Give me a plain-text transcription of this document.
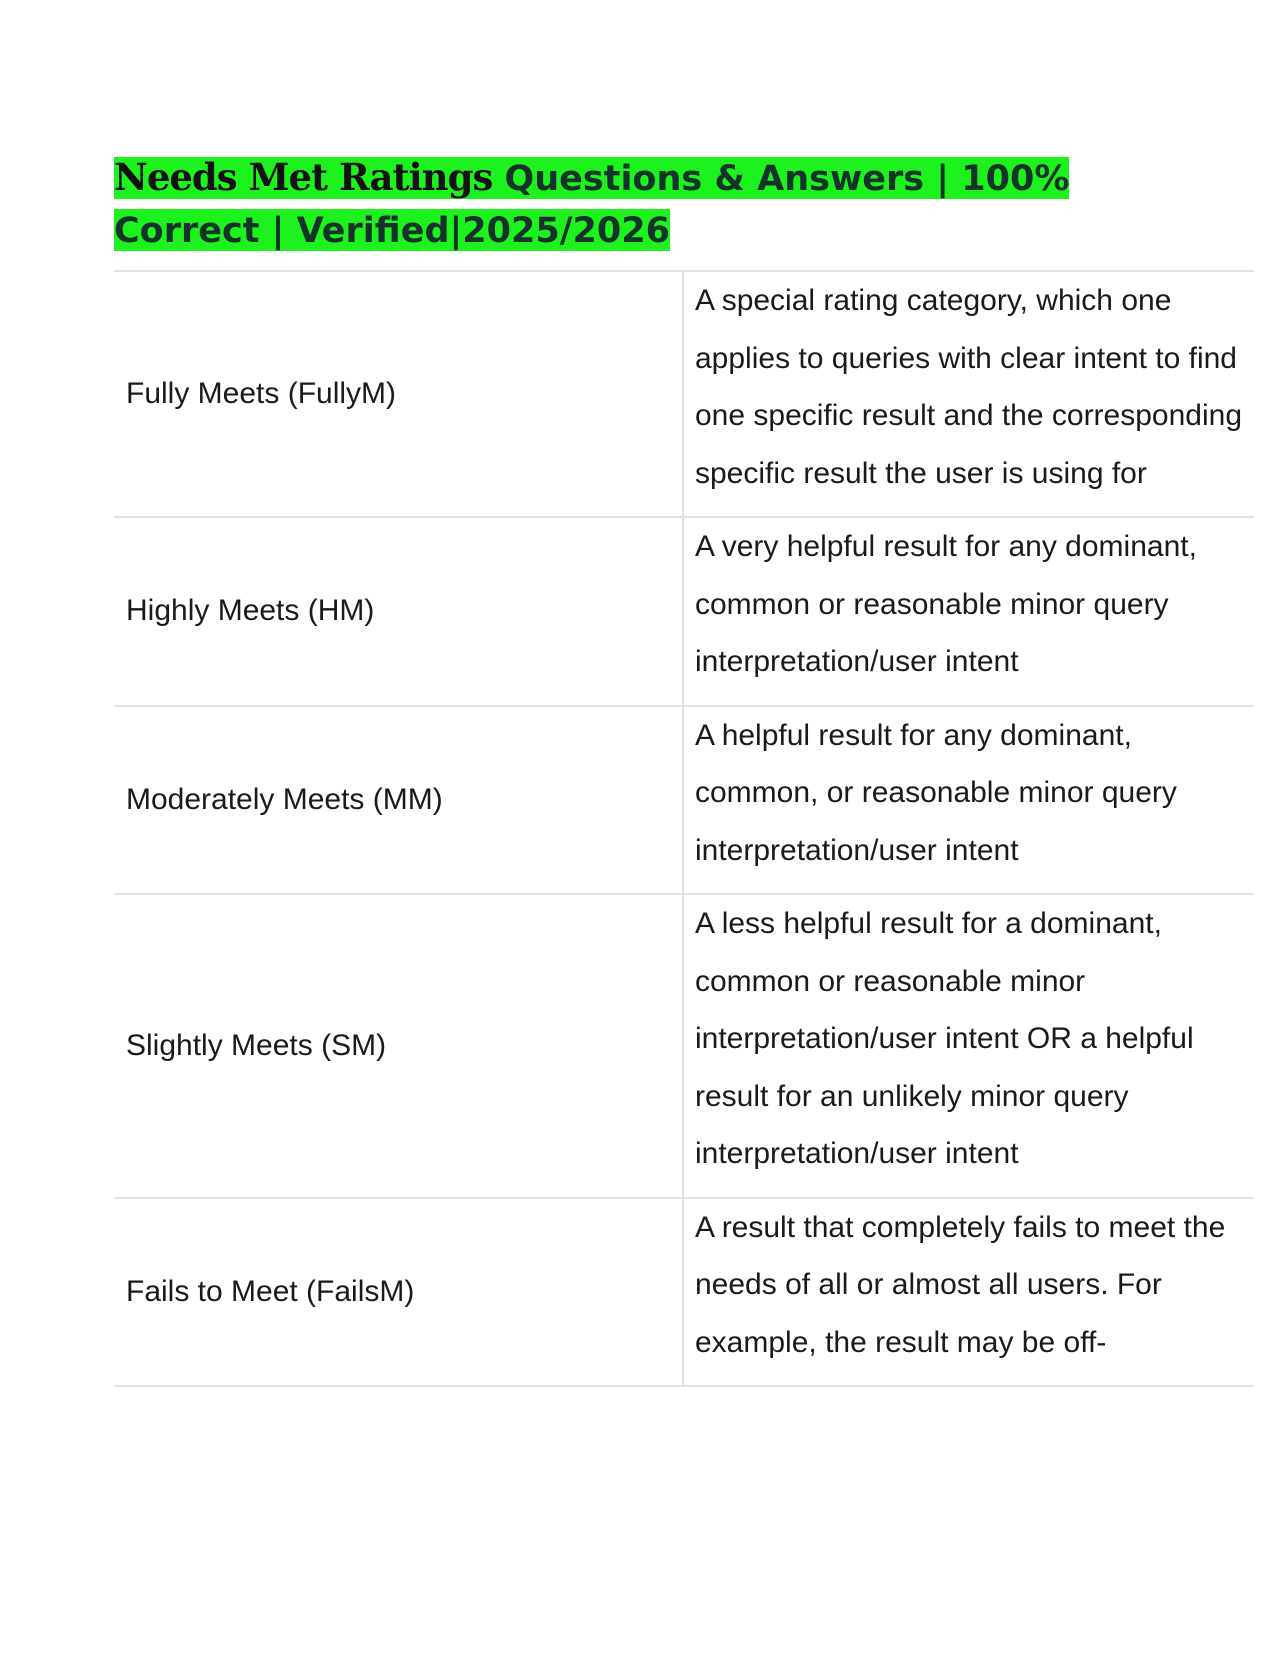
Needs Met Ratings Questions & Answers | 100% Correct | Verified|2025/2026
Fully Meets (FullyM)
A special rating category, which one applies to queries with clear intent to find one specific result and the corresponding specific result the user is using for
Highly Meets (HM)
A very helpful result for any dominant, common or reasonable minor query interpretation/user intent
Moderately Meets (MM)
A helpful result for any dominant, common, or reasonable minor query interpretation/user intent
Slightly Meets (SM)
A less helpful result for a dominant, common or reasonable minor interpretation/user intent OR a helpful result for an unlikely minor query interpretation/user intent
Fails to Meet (FailsM)
A result that completely fails to meet the needs of all or almost all users. For example, the result may be off-
